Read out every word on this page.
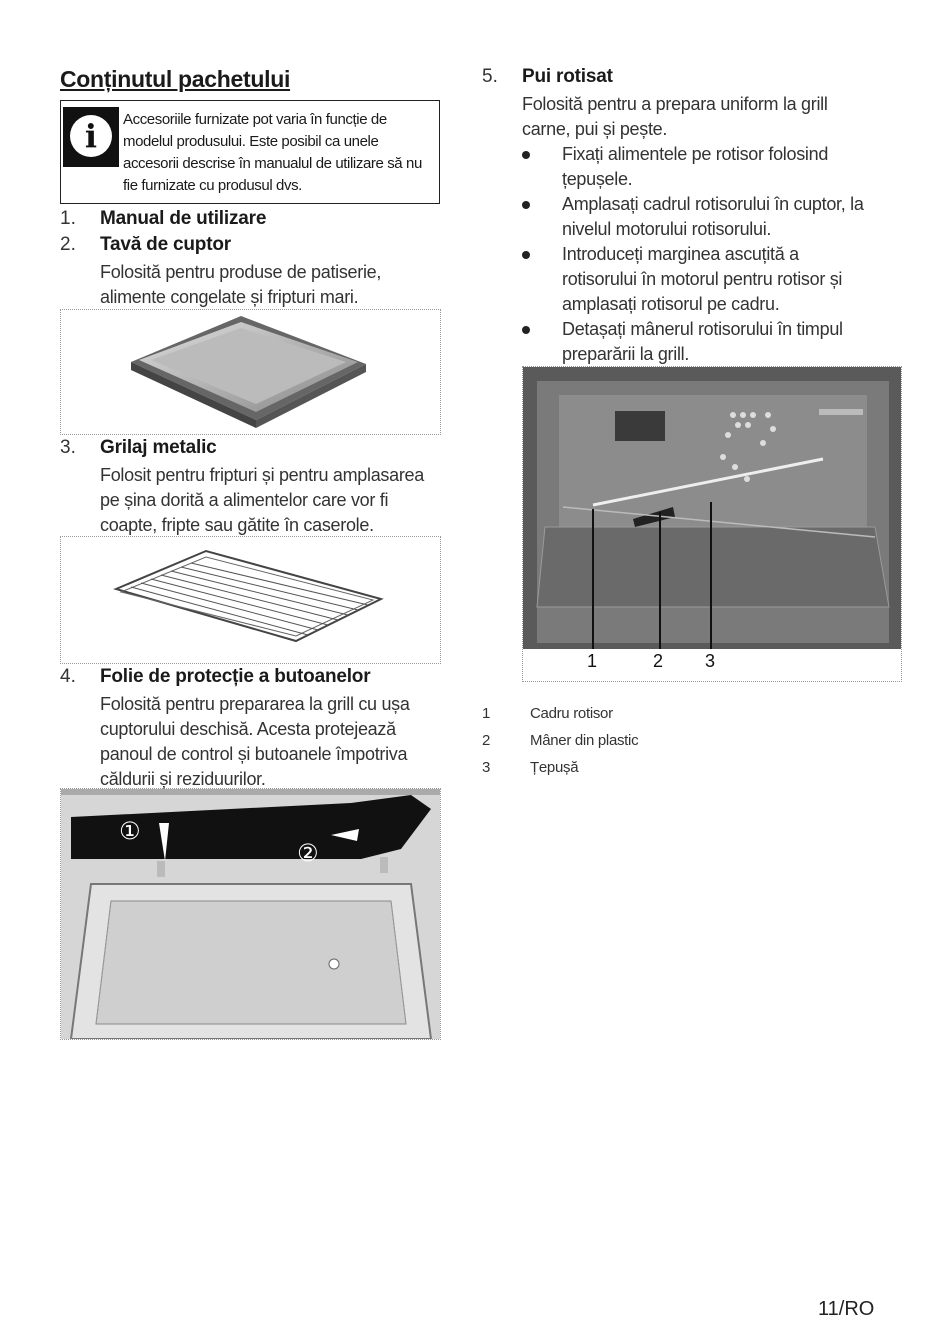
Conținutul pachetului
i	Accesoriile furnizate pot varia în funcție de modelul produsului. Este posibil ca unele accesorii descrise în manualul de utilizare să nu fie furnizate cu produsul dvs.
1. Manual de utilizare
2. Tavă de cuptor
Folosită pentru produse de patiserie, alimente congelate și fripturi mari.
3. Grilaj metalic
Folosit pentru fripturi și pentru amplasarea pe șina dorită a alimentelor care vor fi coapte, fripte sau gătite în caserole.
4. Folie de protecție a butoanelor
Folosită pentru prepararea la grill cu ușa cuptorului deschisă. Acesta protejează panoul de control și butoanele împotriva căldurii și reziduurilor.
①
②
5. Pui rotisat
Folosită pentru a prepara uniform la grill carne, pui și pește.
Fixați alimentele pe rotisor folosind țepușele.
Amplasați cadrul rotisorului în cuptor, la nivelul motorului rotisorului.
Introduceți marginea ascuțită a rotisorului în motorul pentru rotisor și amplasați rotisorul pe cadru.
Detașați mânerul rotisorului în timpul preparării la grill.
1	2 3
1	Cadru rotisor
2	Mâner din plastic
3	Țepușă
11/RO
